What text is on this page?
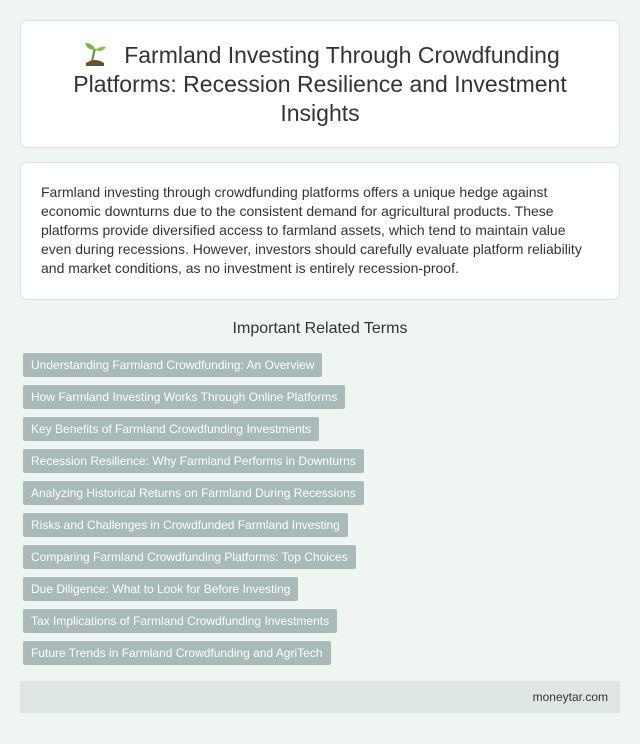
Farmland Investing Through Crowdfunding Platforms: Recession Resilience and Investment Insights

Farmland investing through crowdfunding platforms offers a unique hedge against economic downturns due to the consistent demand for agricultural products. These platforms provide diversified access to farmland assets, which tend to maintain value even during recessions. However, investors should carefully evaluate platform reliability and market conditions, as no investment is entirely recession-proof.

Important Related Terms
Understanding Farmland Crowdfunding: An Overview
How Farmland Investing Works Through Online Platforms
Key Benefits of Farmland Crowdfunding Investments
Recession Resilience: Why Farmland Performs in Downturns
Analyzing Historical Returns on Farmland During Recessions
Risks and Challenges in Crowdfunded Farmland Investing
Comparing Farmland Crowdfunding Platforms: Top Choices
Due Diligence: What to Look for Before Investing
Tax Implications of Farmland Crowdfunding Investments
Future Trends in Farmland Crowdfunding and AgriTech
moneytar.com
